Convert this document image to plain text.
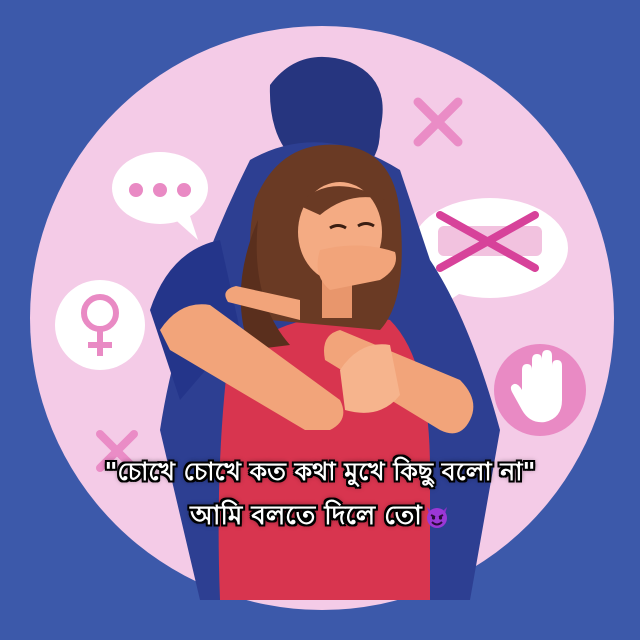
"চোখে চোখে কত কথা মুখে কিছু বলো না"
আমি বলতে দিলে তো
